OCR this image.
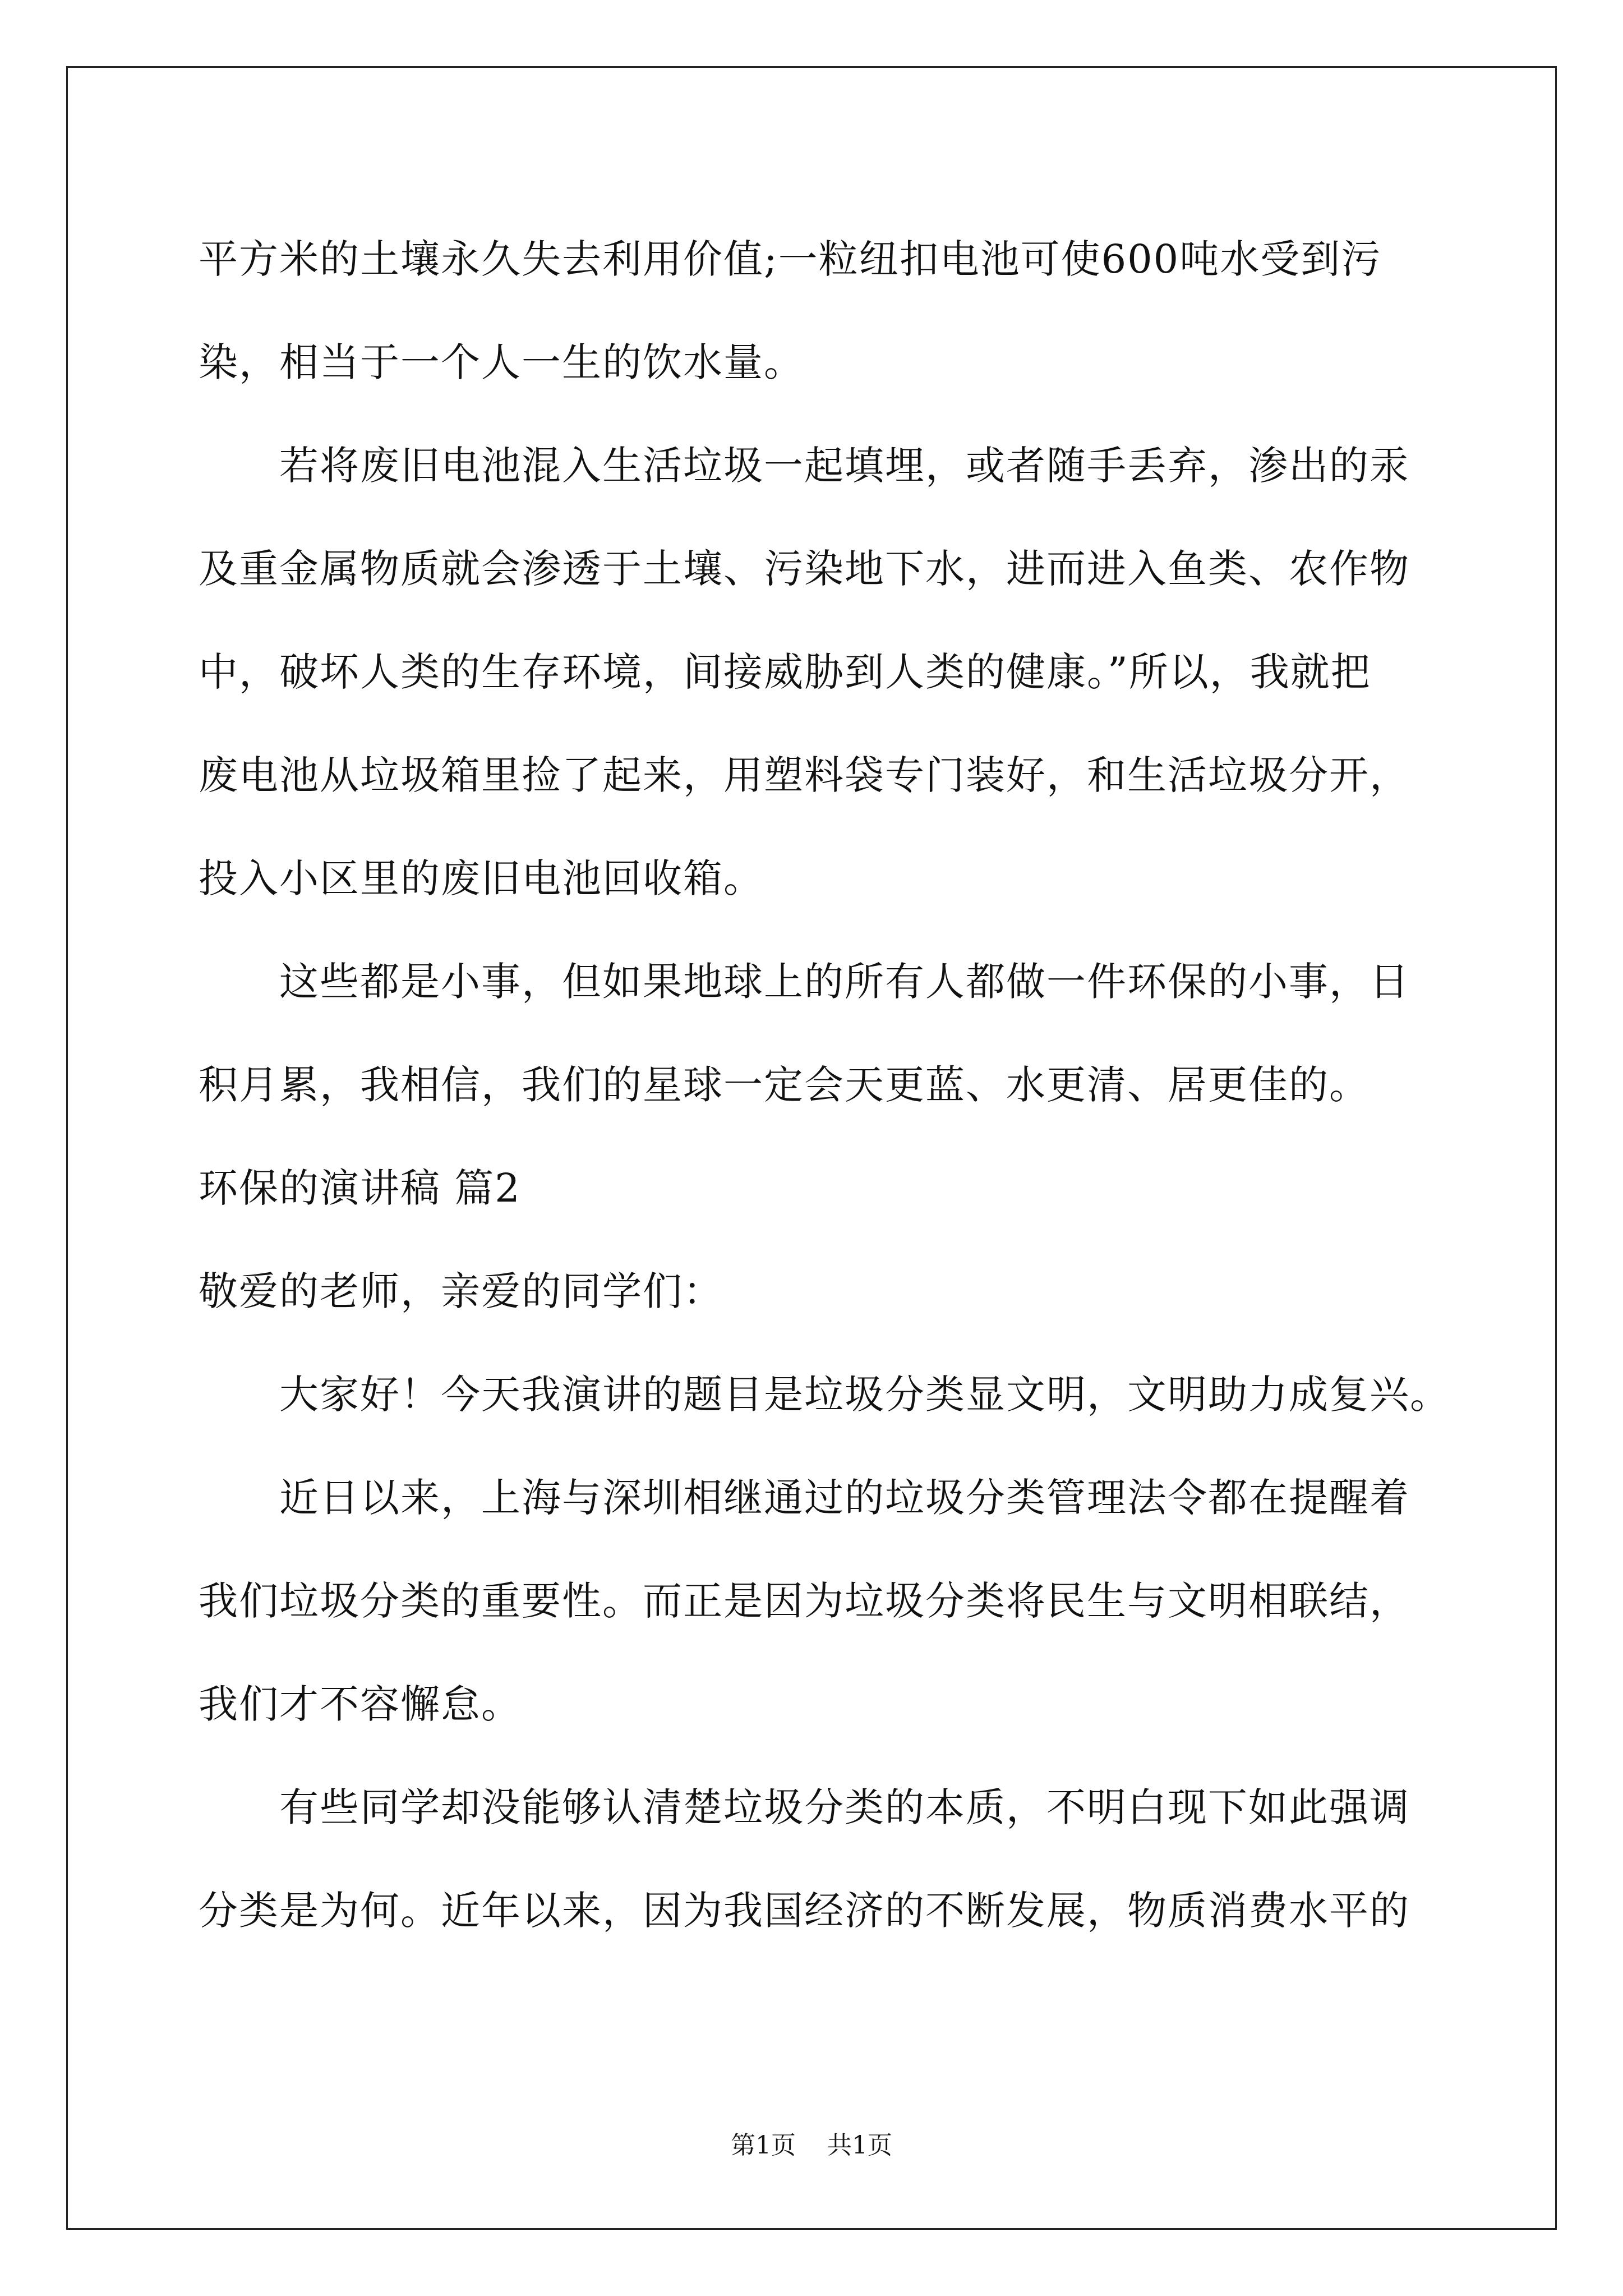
平方米的土壤永久失去利用价值;一粒纽扣电池可使600吨水受到污
染，相当于一个人一生的饮水量。
　　若将废旧电池混入生活垃圾一起填埋，或者随手丢弃，渗出的汞
及重金属物质就会渗透于土壤、污染地下水，进而进入鱼类、农作物
中，破坏人类的生存环境，间接威胁到人类的健康。”所以，我就把
废电池从垃圾箱里捡了起来，用塑料袋专门装好，和生活垃圾分开，
投入小区里的废旧电池回收箱。
　　这些都是小事，但如果地球上的所有人都做一件环保的小事，日
积月累，我相信，我们的星球一定会天更蓝、水更清、居更佳的。
环保的演讲稿 篇2
敬爱的老师，亲爱的同学们：
　　大家好！今天我演讲的题目是垃圾分类显文明，文明助力成复兴。
　　近日以来，上海与深圳相继通过的垃圾分类管理法令都在提醒着
我们垃圾分类的重要性。而正是因为垃圾分类将民生与文明相联结，
我们才不容懈怠。
　　有些同学却没能够认清楚垃圾分类的本质，不明白现下如此强调
分类是为何。近年以来，因为我国经济的不断发展，物质消费水平的
第1页 共1页
